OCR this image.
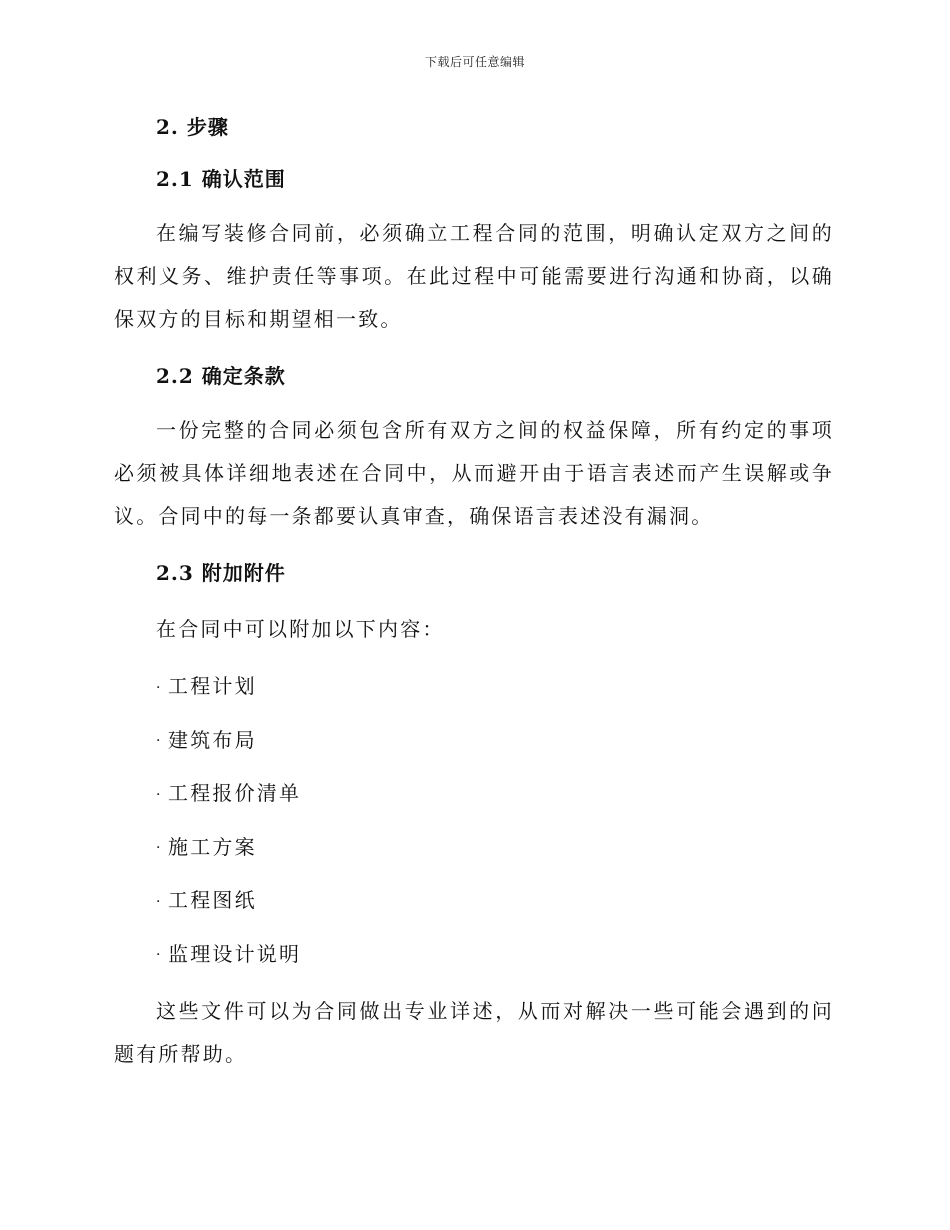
下载后可任意编辑
2. 步骤
2.1 确认范围

在编写装修合同前，必须确立工程合同的范围，明确认定双方之间的权利义务、维护责任等事项。在此过程中可能需要进行沟通和协商，以确保双方的目标和期望相一致。

2.2 确定条款

一份完整的合同必须包含所有双方之间的权益保障，所有约定的事项必须被具体详细地表述在合同中，从而避开由于语言表述而产生误解或争议。合同中的每一条都要认真审查，确保语言表述没有漏洞。

2.3 附加附件

在合同中可以附加以下内容：

· 工程计划
· 建筑布局
· 工程报价清单
· 施工方案
· 工程图纸
· 监理设计说明

这些文件可以为合同做出专业详述，从而对解决一些可能会遇到的问题有所帮助。
